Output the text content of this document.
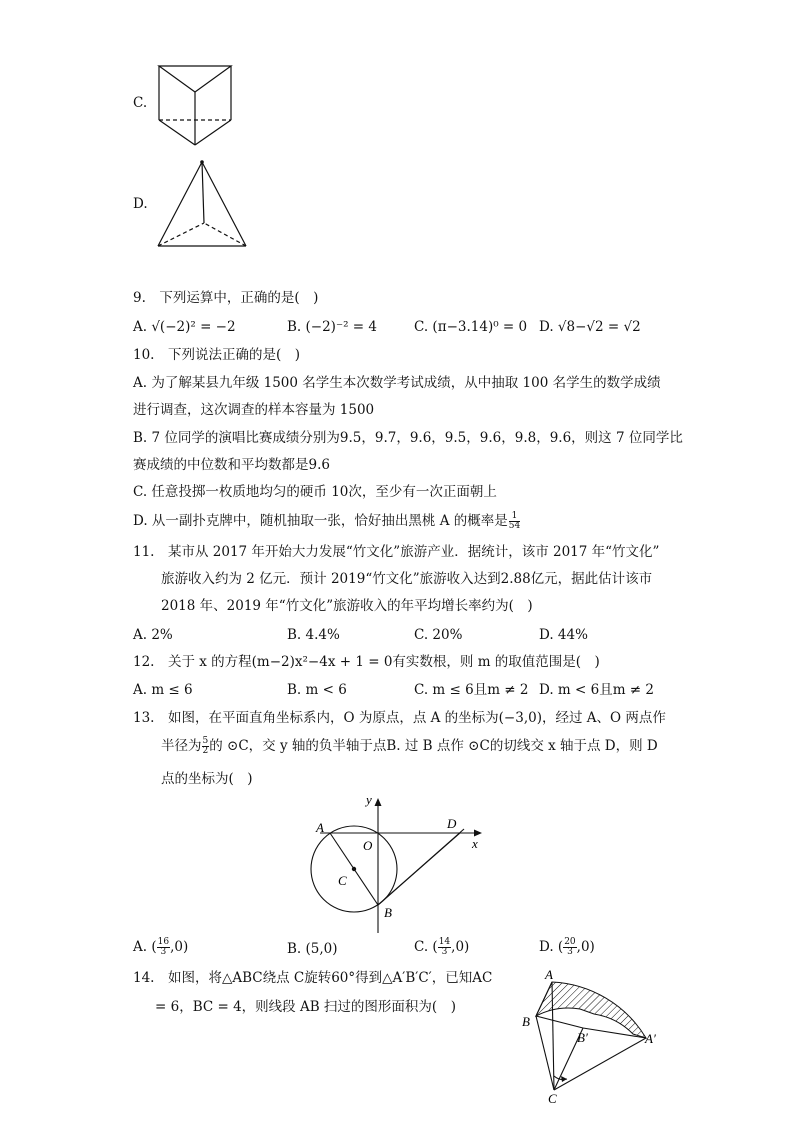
C.
D.
9.　下列运算中，正确的是(　)
A. √(−2)² = −2	B. (−2)⁻² = 4	C. (π−3.14)⁰ = 0 D. √8−√2 = √2
10.　下列说法正确的是(　)
A. 为了解某县九年级 1500 名学生本次数学考试成绩，从中抽取 100 名学生的数学成绩
进行调查，这次调查的样本容量为 1500
B. 7 位同学的演唱比赛成绩分别为9.5，9.7，9.6，9.5，9.6，9.8，9.6，则这 7 位同学比
赛成绩的中位数和平均数都是9.6
C. 任意投掷一枚质地均匀的硬币 10次，至少有一次正面朝上
D. 从一副扑克牌中，随机抽取一张，恰好抽出黑桃 A 的概率是 $\frac{1}{54}$
11.　某市从 2017 年开始大力发展“竹文化”旅游产业．据统计，该市 2017 年“竹文化”
旅游收入约为 2 亿元．预计 2019“竹文化”旅游收入达到2.88亿元，据此估计该市
2018 年、2019 年“竹文化”旅游收入的年平均增长率约为(　)
A. 2%	B. 4.4%	C. 20%	D. 44%
12.　关于 x 的方程(m−2)x²−4x + 1 = 0有实数根，则 m 的取值范围是(　)
A. m ≤ 6	B. m < 6	C. m ≤ 6且m ≠ 2 D. m < 6且m ≠ 2
13.　如图，在平面直角坐标系内，O 为原点，点 A 的坐标为(−3,0)，经过 A、O 两点作
半径为 $\frac{5}{2}$ 的 ⊙C，交 y 轴的负半轴于点B. 过 B 点作 ⊙C的切线交 x 轴于点 D，则 D
点的坐标为(　)
y
x
A
O
D
C
B
A. ( $\frac{16}{3} ,0$)	B. (5,0)	C. ( $\frac{14}{3} ,0$)	D. ( $\frac{20}{3} ,0$)
14.　如图，将△ABC绕点 C旋转60°得到△A′B′C′，已知AC
= 6，BC = 4，则线段 AB 扫过的图形面积为(　)
A
B
B′	A′
C
